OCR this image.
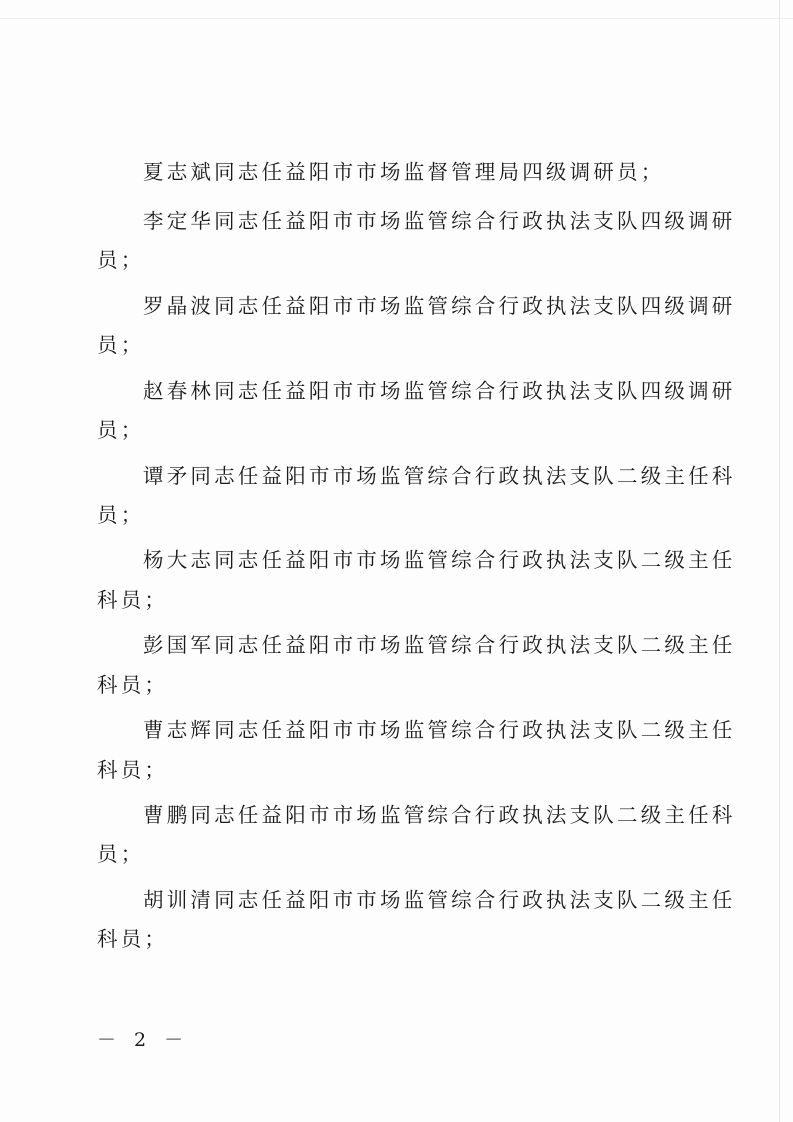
夏志斌同志任益阳市市场监督管理局四级调研员；
李定华同志任益阳市市场监管综合行政执法支队四级调研
员；
罗晶波同志任益阳市市场监管综合行政执法支队四级调研
员；
赵春林同志任益阳市市场监管综合行政执法支队四级调研
员；
谭矛同志任益阳市市场监管综合行政执法支队二级主任科
员；
杨大志同志任益阳市市场监管综合行政执法支队二级主任
科员；
彭国军同志任益阳市市场监管综合行政执法支队二级主任
科员；
曹志辉同志任益阳市市场监管综合行政执法支队二级主任
科员；
曹鹏同志任益阳市市场监管综合行政执法支队二级主任科
员；
胡训清同志任益阳市市场监管综合行政执法支队二级主任
科员；
－ 2 －
